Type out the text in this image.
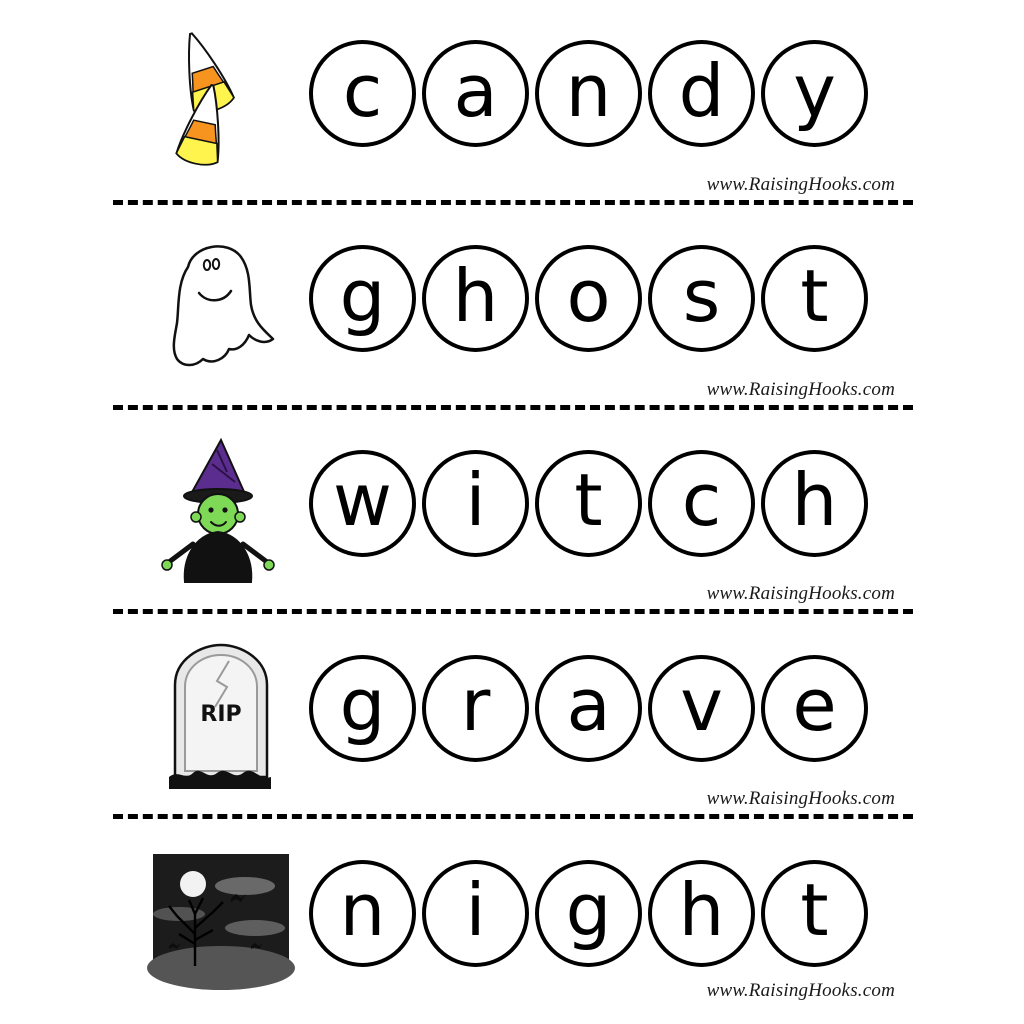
c a n d y
www.RaisingHooks.com
g h o s t
www.RaisingHooks.com
w i t c h
www.RaisingHooks.com
RIP g r a v e
www.RaisingHooks.com
n i g h t
www.RaisingHooks.com
